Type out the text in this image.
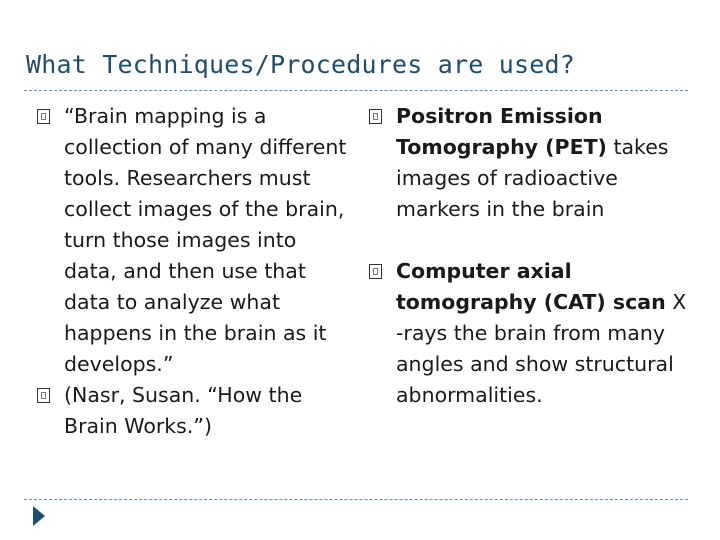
What Techniques/Procedures are used?
“Brain mapping is a collection of many different tools. Researchers must collect images of the brain, turn those images into data, and then use that data to analyze what happens in the brain as it develops.”
(Nasr, Susan. “How the Brain Works.”)
Positron Emission Tomography (PET) takes images of radioactive markers in the brain
Computer axial tomography (CAT) scan X -rays the brain from many angles and show structural abnormalities.
